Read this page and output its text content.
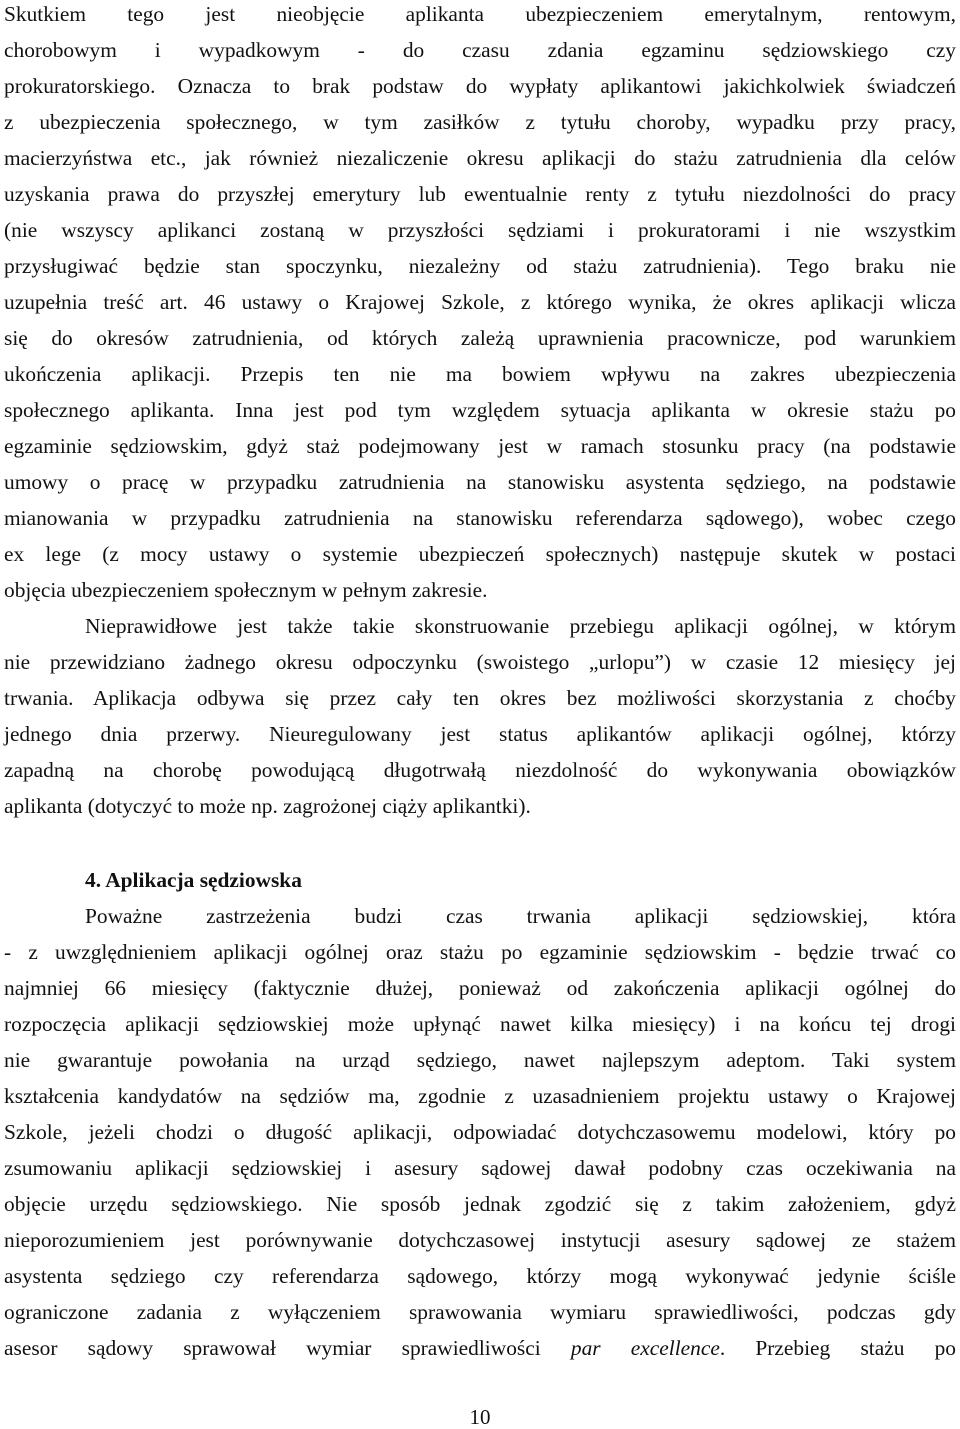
Skutkiem tego jest nieobjęcie aplikanta ubezpieczeniem emerytalnym, rentowym,
chorobowym i wypadkowym - do czasu zdania egzaminu sędziowskiego czy
prokuratorskiego. Oznacza to brak podstaw do wypłaty aplikantowi jakichkolwiek świadczeń
z ubezpieczenia społecznego, w tym zasiłków z tytułu choroby, wypadku przy pracy,
macierzyństwa etc., jak również niezaliczenie okresu aplikacji do stażu zatrudnienia dla celów
uzyskania prawa do przyszłej emerytury lub ewentualnie renty z tytułu niezdolności do pracy
(nie wszyscy aplikanci zostaną w przyszłości sędziami i prokuratorami i nie wszystkim
przysługiwać będzie stan spoczynku, niezależny od stażu zatrudnienia). Tego braku nie
uzupełnia treść art. 46 ustawy o Krajowej Szkole, z którego wynika, że okres aplikacji wlicza
się do okresów zatrudnienia, od których zależą uprawnienia pracownicze, pod warunkiem
ukończenia aplikacji. Przepis ten nie ma bowiem wpływu na zakres ubezpieczenia
społecznego aplikanta. Inna jest pod tym względem sytuacja aplikanta w okresie stażu po
egzaminie sędziowskim, gdyż staż podejmowany jest w ramach stosunku pracy (na podstawie
umowy o pracę w przypadku zatrudnienia na stanowisku asystenta sędziego, na podstawie
mianowania w przypadku zatrudnienia na stanowisku referendarza sądowego), wobec czego
ex lege (z mocy ustawy o systemie ubezpieczeń społecznych) następuje skutek w postaci
objęcia ubezpieczeniem społecznym w pełnym zakresie.
Nieprawidłowe jest także takie skonstruowanie przebiegu aplikacji ogólnej, w którym
nie przewidziano żadnego okresu odpoczynku (swoistego „urlopu”) w czasie 12 miesięcy jej
trwania. Aplikacja odbywa się przez cały ten okres bez możliwości skorzystania z choćby
jednego dnia przerwy. Nieuregulowany jest status aplikantów aplikacji ogólnej, którzy
zapadną na chorobę powodującą długotrwałą niezdolność do wykonywania obowiązków
aplikanta (dotyczyć to może np. zagrożonej ciąży aplikantki).
4. Aplikacja sędziowska
Poważne zastrzeżenia budzi czas trwania aplikacji sędziowskiej, która
- z uwzględnieniem aplikacji ogólnej oraz stażu po egzaminie sędziowskim - będzie trwać co
najmniej 66 miesięcy (faktycznie dłużej, ponieważ od zakończenia aplikacji ogólnej do
rozpoczęcia aplikacji sędziowskiej może upłynąć nawet kilka miesięcy) i na końcu tej drogi
nie gwarantuje powołania na urząd sędziego, nawet najlepszym adeptom. Taki system
kształcenia kandydatów na sędziów ma, zgodnie z uzasadnieniem projektu ustawy o Krajowej
Szkole, jeżeli chodzi o długość aplikacji, odpowiadać dotychczasowemu modelowi, który po
zsumowaniu aplikacji sędziowskiej i asesury sądowej dawał podobny czas oczekiwania na
objęcie urzędu sędziowskiego. Nie sposób jednak zgodzić się z takim założeniem, gdyż
nieporozumieniem jest porównywanie dotychczasowej instytucji asesury sądowej ze stażem
asystenta sędziego czy referendarza sądowego, którzy mogą wykonywać jedynie ściśle
ograniczone zadania z wyłączeniem sprawowania wymiaru sprawiedliwości, podczas gdy
asesor sądowy sprawował wymiar sprawiedliwości par excellence. Przebieg stażu po
10
